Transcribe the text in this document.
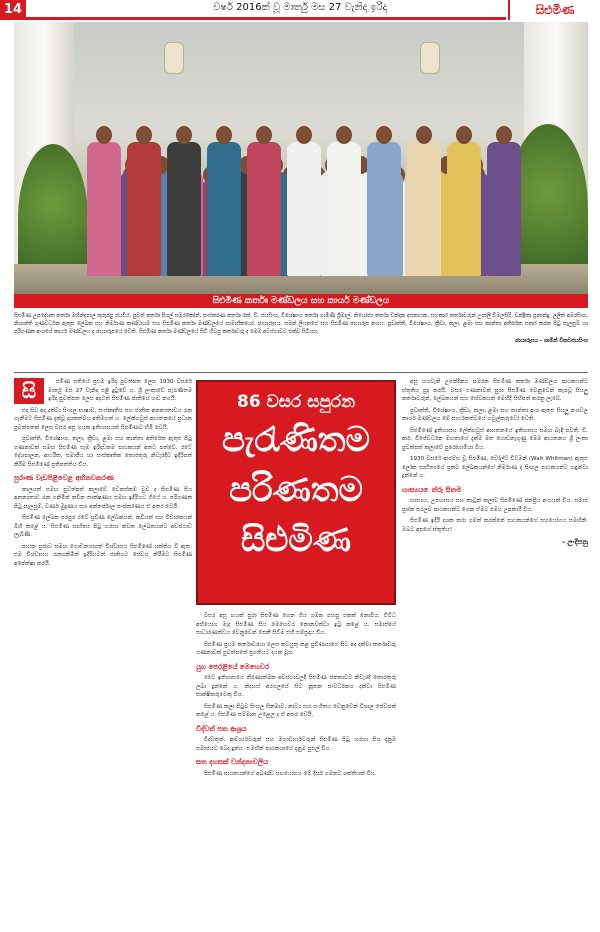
14	වර්ෂ 2016ක් වූ මාර්තු මස 27 වැනිදා ඉරිදා	සිළුමිණ
සිළුමිණ කර්තෘ මණ්ඩලය සහ කාර්ය මණ්ඩලය
සිළුමිණ උපදේශක කර්තෘ මහින්දපාල කුරුප්පු ජයවීර, පුවත් කර්තෘ පියල් සමරකෝන්, සංස්කරණ කර්තෘ කේ. ඩී. ජයසිංහ, විශේෂාංග කර්තෘ ගාමිණී ශ්‍රීමාල්, නියෝජ්‍ය කර්තෘ චන්දන දසනායක, සහකාර කර්තෘවරුන් උපාලි විමලසිරි, චන්ද්‍රිකා ප්‍රනාන්දු, ලලිත් අමරසිංහ, නිශාන්ති ගුණවර්ධන ඇතුළු ලේඛක සහ නිර්මාණ කණ්ඩායම සහ සිළුමිණ කර්තෘ මණ්ඩලයේ සාමාජිකයෝ. ඡායාරූපය: සමන් ලියනගේ සහ සිළුමිණ ඡායාරූප අංශය. ප්‍රවෘත්ති, විශේෂාංග, ක්‍රීඩා, කලා, ළමා සහ කාන්තා අතිරේක සකස් කරන පිටු සැලසුම් හා පරිගණක අංශයේ කාර්ය මණ්ඩලය ද ඡායාරූපයේ වෙති. සිළුමිණ කර්තෘ මණ්ඩලයේ සිටි හිටපු කර්තෘවරු ද මෙම අවස්ථාවට එක්ව සිටියහ.
ඡායාරූපය - ශාමින් විකටජයසිංහ
සි	ළුමිණ සතියේ ප්‍රථම ඉරිදා පුවත්පත ලෙස 1930 වසරේ මාර්තු මස 27 වැනිදා එළි දුටුවේ ය. ශ්‍රී ලංකාවේ පැරැණිතම ඉරිදා පුවත්පත ලෙස අදටත් සිළුමිණ ජාතියේ හඬ නගයි.

එදා සිට අද දක්වා සිංහල භාෂාව, සංස්කෘතිය සහ ජාතික අනන්‍යතාවය රැක ගැනීමට සිළුමිණ දැක්වූ දායකත්වය අතිමහත් ය. ලේක්හවුස් ආයතනයේ ප්‍රධාන පුවත්පතක් ලෙස වසර අසූ හයක ඉතිහාසයක් සිළුමිණට හිමි වෙයි.

ප්‍රවෘත්ති, විශේෂාංග, කලා, ක්‍රීඩා, ළමා සහ කාන්තා අතිරේක ඇතුළු පිටු ගණනාවක් සමඟ සිළුමිණ සෑම ඉරිදාවකම පාඨකයන් අතට පත්වේ. රටේ දේශපාලන, ආර්ථික, සමාජීය හා සංස්කෘතික තොරතුරු නිවැරදිව ඉදිරිපත් කිරීම සිළුමිණේ ප්‍රතිපත්තිය විය.

පුරාණ වැඩපිළිවෙළ අභිනවකරණ

කාලයත් සමඟ පුවත්පත් කලාවේ වෙනස්කම් වුව ද සිළුමිණ සිය අනන්‍යතාව රැක ගනිමින් නවීන තාක්ෂණය සමඟ ඉදිරියට ගියේ ය. පරිගණක පිටු සැලසුම්, වර්ණ මුද්‍රණය සහ අන්තර්ජාල සංස්කරණය ඒ අතර වෙයි.

සිළුමිණ ලේඛක පරපුර රටේ ප්‍රවීණ ලේඛකයන්, කවියන් සහ විචාරකයන් බිහි කළේ ය. සිළුමිණ සාහිත්‍ය පිටු හරහා නවක ලේඛකයන්ට අවස්ථාව ලැබිණි.

පාඨක ප්‍රජාව සමඟ ගොඩනගාගත් විශ්වාසය සිළුමිණේ ශක්තිය වී ඇත. එම විශ්වාසය රැකගනිමින් ඉදිරියටත් ජාතියට සේවය කිරීමට සිළුමිණ අපේක්ෂා කරයි.

86 වසර සපුරන
පැරැණිතම
පරිණතම
සිළුමිණ

වසර අසූ හයක් පුරා සිළුමිණ ගෙන ගිය ගමන පහසු එකක් නොවීය. විවිධ අභියෝග මැද සිළුමිණ සිය මෙහෙවර නොනවත්වා ඉටු කළේ ය. සමාජයේ සාධාරණත්වය වෙනුවෙන් පෙනී සිටීම එහි සම්ප්‍රදාය විය.

සිළුමිණ ප්‍රථම කර්තෘවරයා ලෙස කටයුතු කළ ප්‍රවීණයාගේ සිට අද දක්වා කර්තෘවරු ගණනාවක් පුවත්පතේ ප්‍රගතියට දායක වූහ.

යුග පෙරළියේ මෙහෙවර

රටේ ඉතිහාසයේ තීරණාත්මක අවස්ථාවලදී සිළුමිණ ජනතාවට නිවැරදි තොරතුරු ලබා දුන්නේ ය. නිදහස් අරගලයේ සිට නූතන සංවර්ධනය දක්වා සිළුමිණ සාක්ෂිකරුවෙකු විය.

සිළුමිණ කලා පිටුව සිංහල සිනමාව, නාට්‍ය සහ සංගීතය වෙනුවෙන් විශාල සේවයක් කළේ ය. සිළුමිණ සම්මාන උළෙල ද ඒ අතර වෙයි.

විද්වත් පත ආශ්‍රය

විද්වතුන්, ආචාර්යවරුන් සහ මහාචාර්යවරුන් සිළුමිණ පිටු හරහා සිය දැනුම සමාජයට බෙදා දුන්හ. එමඟින් පාඨකයාගේ දැනුම පුළුල් විය.

සත දහසක් වන්දනාවලිය

සිළුමිණ පාඨකයන්ගේ අඛණ්ඩ සහයෝගය මේ දීර්ඝ ගමනට ශක්තියක් විය.

අසූ හයවැනි උපන්දිනය සමරන සිළුමිණ කර්තෘ මණ්ඩලය පාඨකයන්ට ස්තූතිය පුද කරයි. වසර ගණනාවක් පුරා සිළුමිණ වෙනුවෙන් කැපවූ සියලු කර්තෘවරුන්, ලේඛකයන් සහ සේවකයන් මෙහිදී සිහිපත් කරනු ලැබේ.

ප්‍රවෘත්ති, විශේෂාංග, ක්‍රීඩා, කලා, ළමා සහ කාන්තා අංශ ඇතුළු සියලු අංශවල කාර්ය මණ්ඩලය මේ සාර්ථකත්වයේ හවුල්කරුවෝ වෙති.

සිළුමිණේ ඉතිහාසය ලේක්හවුස් ආයතනයේ ඉතිහාසය සමඟ බැඳී පවතී. ඩී. ආර්. විජේවර්ධන මහතාගේ දැක්ම මත ගොඩනැගුණු මෙම ආයතනය ශ්‍රී ලංකා පුවත්පත් කලාවේ පුරෝගාමියා විය.

1930 වසරේ ආරම්භ වූ සිළුමිණ, වෝල්ට් විට්මන් (Walt Whitman) ඇතුළු ලෝක සාහිත්‍යයේ ප්‍රකට ලේඛකයන්ගේ නිර්මාණ ද සිංහල පාඨකයන්ට හඳුන්වා දුන්නේ ය.

හාස්‍යය ෙත්රු සිතම

හාස්‍යය, උපහාසය සහ කාටූන් කලාව සිළුමිණේ ජනප්‍රිය අංගයක් විය. සමාජ ප්‍රශ්න සරලව පාඨකයන්ට ගෙන ඒමට මෙය උපකාරී විය.

සිළුමිණ ඉදිරි දශක කරා ගමන් කරන්නේ පාඨකයන්ගේ සහයෝගය සමඟිනි. ඔබට අපගේ ස්තූතිය!

- ලංදීපනු
